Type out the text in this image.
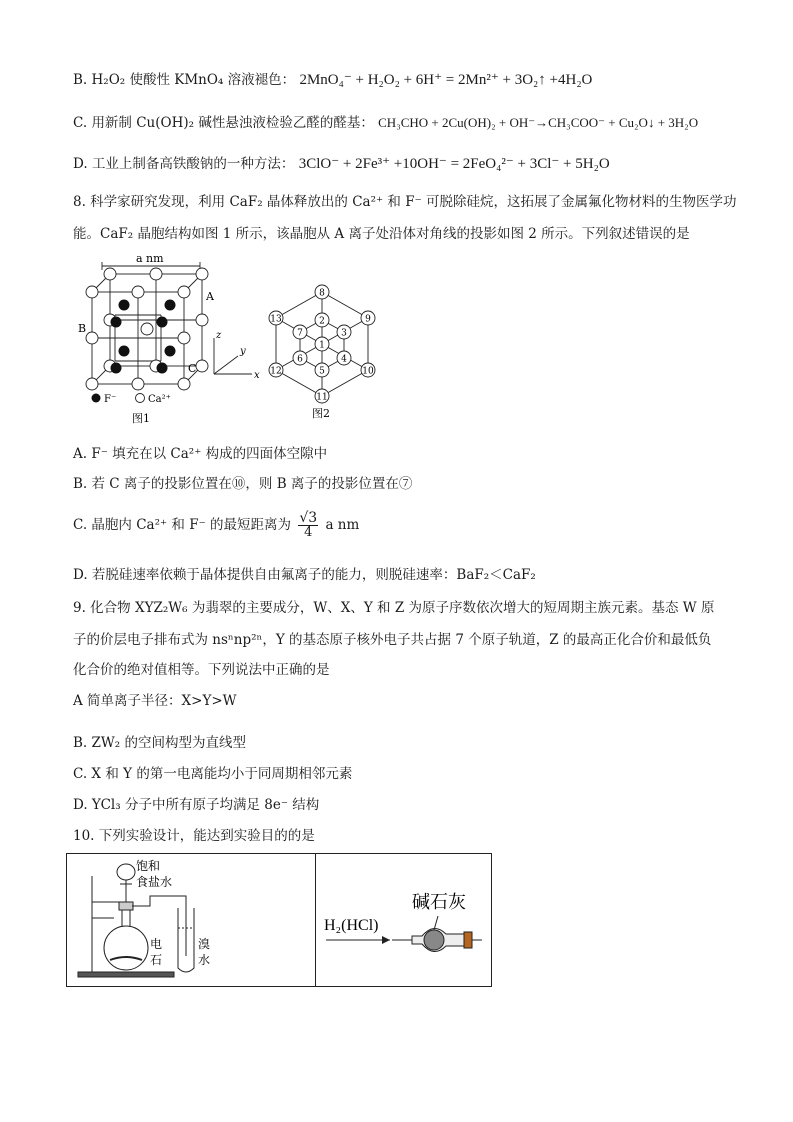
B. H₂O₂ 使酸性 KMnO₄ 溶液褪色： 2MnO₄⁻ + H₂O₂ + 6H⁺ = 2Mn²⁺ + 3O₂↑ +4H₂O
C. 用新制 Cu(OH)₂ 碱性悬浊液检验乙醛的醛基： CH₃CHO + 2Cu(OH)₂ + OH⁻→CH₃COO⁻ + Cu₂O↓ + 3H₂O
D. 工业上制备高铁酸钠的一种方法： 3ClO⁻ + 2Fe³⁺ +10OH⁻ = 2FeO₄²⁻ + 3Cl⁻ + 5H₂O
8. 科学家研究发现，利用 CaF₂ 晶体释放出的 Ca²⁺ 和 F⁻ 可脱除硅烷，这拓展了金属氟化物材料的生物医学功
能。CaF₂ 晶胞结构如图 1 所示，该晶胞从 A 离子处沿体对角线的投影如图 2 所示。下列叙述错误的是
a nm
A
B
C
z
y
x
F⁻	Ca²⁺
图1
1
2
3
4
5
6
7
8
9
10
11
12
13
图2
A. F⁻ 填充在以 Ca²⁺ 构成的四面体空隙中
B. 若 C 离子的投影位置在⑩，则 B 离子的投影位置在⑦
C. 晶胞内 Ca²⁺ 和 F⁻ 的最短距离为 $\frac{√3}{4}$ a nm
D. 若脱硅速率依赖于晶体提供自由氟离子的能力，则脱硅速率：BaF₂＜CaF₂
9. 化合物 XYZ₂W₆ 为翡翠的主要成分，W、X、Y 和 Z 为原子序数依次增大的短周期主族元素。基态 W 原
子的价层电子排布式为 nsⁿnp²ⁿ，Y 的基态原子核外电子共占据 7 个原子轨道，Z 的最高正化合价和最低负
化合价的绝对值相等。下列说法中正确的是
A 简单离子半径：X>Y>W
B. ZW₂ 的空间构型为直线型
C. X 和 Y 的第一电离能均小于同周期相邻元素
D. YCl₃ 分子中所有原子均满足 8e⁻ 结构
10. 下列实验设计，能达到实验目的的是
饱和
食盐水
电
石
溴
水
H₂(HCl)
碱石灰
